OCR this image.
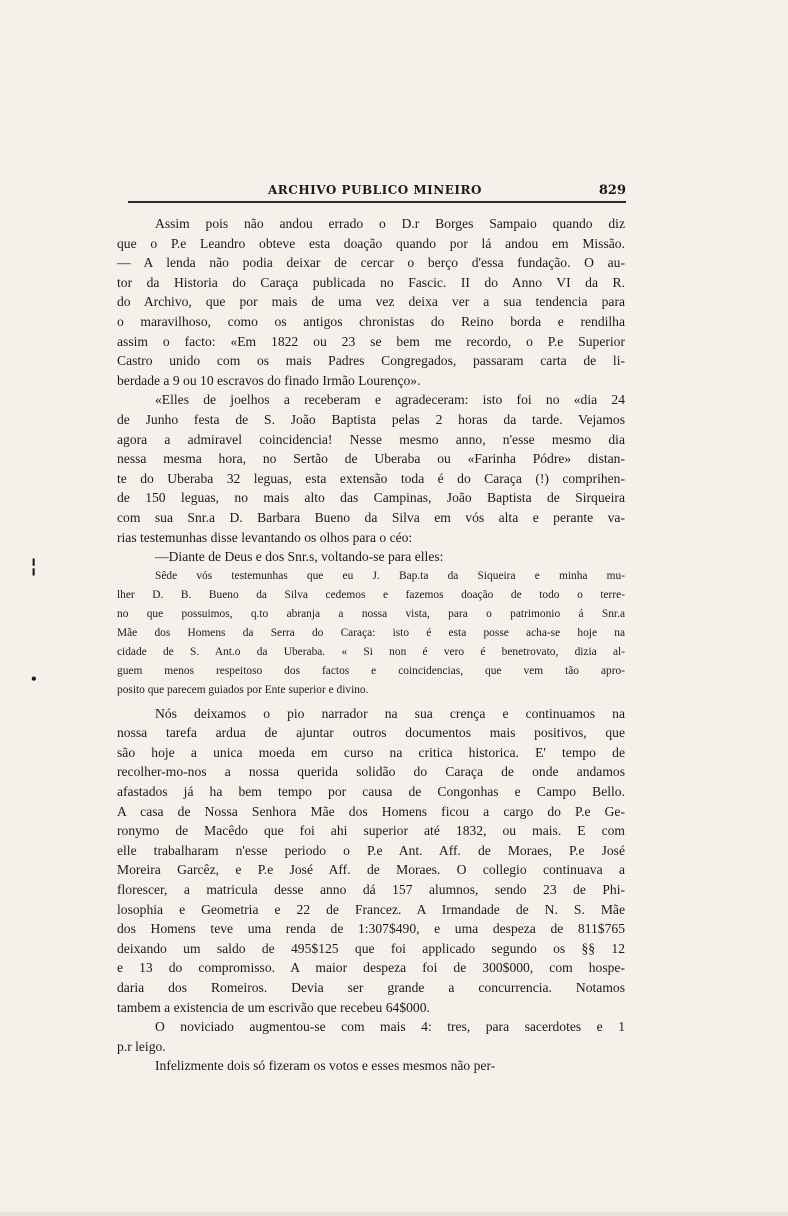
ARCHIVO PUBLICO MINEIRO	829
Assim pois não andou errado o D.r Borges Sampaio quando diz
que o P.e Leandro obteve esta doação quando por lá andou em Missão.
— A lenda não podia deixar de cercar o berço d'essa fundação. O au-
tor da Historia do Caraça publicada no Fascic. II do Anno VI da R.
do Archivo, que por mais de uma vez deixa ver a sua tendencia para
o maravilhoso, como os antigos chronistas do Reino borda e rendilha
assim o facto: «Em 1822 ou 23 se bem me recordo, o P.e Superior
Castro unido com os mais Padres Congregados, passaram carta de li-
berdade a 9 ou 10 escravos do finado Irmão Lourenço».
«Elles de joelhos a receberam e agradeceram: isto foi no «dia 24
de Junho festa de S. João Baptista pelas 2 horas da tarde. Vejamos
agora a admiravel coincidencia! Nesse mesmo anno, n'esse mesmo dia
nessa mesma hora, no Sertão de Uberaba ou «Farinha Pódre» distan-
te do Uberaba 32 leguas, esta extensão toda é do Caraça (!) comprihen-
de 150 leguas, no mais alto das Campinas, João Baptista de Sirqueira
com sua Snr.a D. Barbara Bueno da Silva em vós alta e perante va-
rias testemunhas disse levantando os olhos para o céo:
—Diante de Deus e dos Snr.s, voltando-se para elles:
Sêde vós testemunhas que eu J. Bap.ta da Siqueira e minha mu-
lher D. B. Bueno da Silva cedemos e fazemos doação de todo o terre-
no que possuimos, q.to abranja a nossa vista, para o patrimonio á Snr.a
Mãe dos Homens da Serra do Caraça: isto é esta posse acha-se hoje na
cidade de S. Ant.o da Uberaba. « Si non é vero é benetrovato, dizia al-
guem menos respeitoso dos factos e coincidencias, que vem tão apro-
posito que parecem guiados por Ente superior e divino.
Nós deixamos o pio narrador na sua crença e continuamos na
nossa tarefa ardua de ajuntar outros documentos mais positivos, que
são hoje a unica moeda em curso na critica historica. E' tempo de
recolher-mo-nos a nossa querida solidão do Caraça de onde andamos
afastados já ha bem tempo por causa de Congonhas e Campo Bello.
A casa de Nossa Senhora Mãe dos Homens ficou a cargo do P.e Ge-
ronymo de Macêdo que foi ahi superior até 1832, ou mais. E com
elle trabalharam n'esse periodo o P.e Ant. Aff. de Moraes, P.e José
Moreira Garcêz, e P.e José Aff. de Moraes. O collegio continuava a
florescer, a matricula desse anno dá 157 alumnos, sendo 23 de Phi-
losophia e Geometria e 22 de Francez. A Irmandade de N. S. Mãe
dos Homens teve uma renda de 1:307$490, e uma despeza de 811$765
deixando um saldo de 495$125 que foi applicado segundo os §§ 12
e 13 do compromisso. A maior despeza foi de 300$000, com hospe-
daria dos Romeiros. Devia ser grande a concurrencia. Notamos
tambem a existencia de um escrivão que recebeu 64$000.
O noviciado augmentou-se com mais 4: tres, para sacerdotes e 1
p.r leigo.
Infelizmente dois só fizeram os votos e esses mesmos não per-
¦
•
